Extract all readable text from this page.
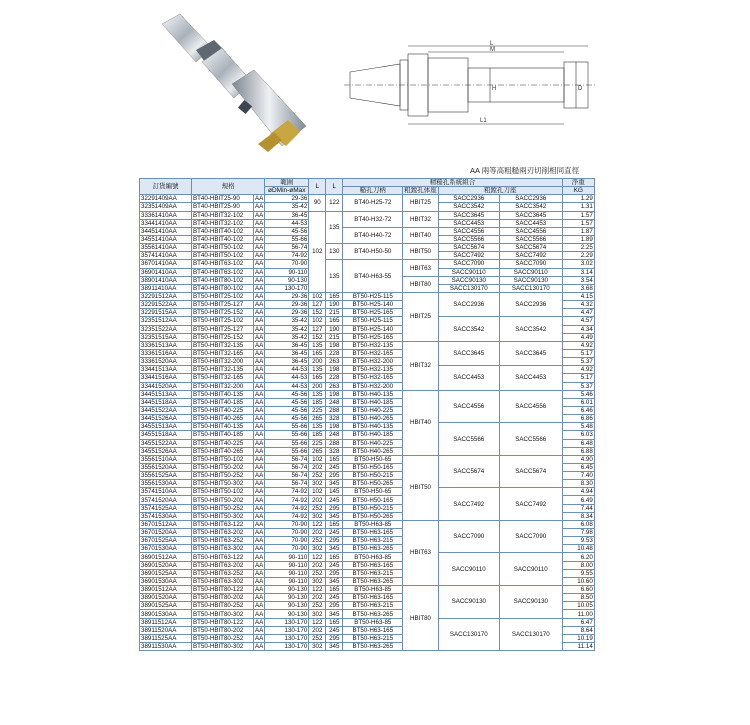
L
M
L1
H	D
AA 兩等高粗糙兩刃切削相同直徑
訂貨編號	規格		範圍	L	L	精糙孔系統組合				淨重
			øDMin-øMax			糙孔刀柄	粗鏜孔体座	粗鏜孔刀座		KG
32291409AA	BT40-HBIT25-90	AA	29-36	90	122	BT40-H25-72	HBIT25	SACC2936	SACC2936	1.29
32351409AA	BT40-HBIT25-90	AA	35-42					SACC3542	SACC3542	1.31
33361410AA	BT40-HBIT32-102	AA	36-45	102	135	BT40-H32-72	HBIT32	SACC3645	SACC3645	1.57
33441410AA	BT40-HBIT32-102	AA	44-53					SACC4453	SACC4453	1.57
34451410AA	BT40-HBIT40-102	AA	45-56			BT40-H40-72	HBIT40	SACC4556	SACC4556	1.87
34551410AA	BT40-HBIT40-102	AA	55-66					SACC5566	SACC5566	1.89
35561410AA	BT40-HBIT50-102	AA	56-74		130	BT40-H50-50	HBIT50	SACC5674	SACC5674	2.25
35741410AA	BT40-HBIT50-102	AA	74-92					SACC7492	SACC7492	2.29
36701410AA	BT40-HBIT63-102	AA	70-90		135	BT40-H63-55	HBIT63	SACC7090	SACC7090	3.02
36901410AA	BT40-HBIT63-102	AA	90-110					SACC90110	SACC90110	3.14
38901410AA	BT40-HBIT80-102	AA	90-130				HBIT80	SACC90130	SACC90130	3.54
38911410AA	BT40-HBIT80-102	AA	130-170					SACC130170	SACC130170	3.68
32291512AA	BT50-HBIT25-102	AA	29-36	102	165	BT50-H25-115	HBIT25	SACC2936	SACC2936	4.15
32291522AA	BT50-HBIT25-127	AA	29-36	127	190	BT50-H25-140				4.32
32291515AA	BT50-HBIT25-152	AA	29-36	152	215	BT50-H25-165				4.47
32351512AA	BT50-HBIT25-102	AA	35-42	102	165	BT50-H25-115		SACC3542	SACC3542	4.57
32351522AA	BT50-HBIT25-127	AA	35-42	127	190	BT50-H25-140				4.34
32351515AA	BT50-HBIT25-152	AA	35-42	152	215	BT50-H25-165				4.49
33361513AA	BT50-HBIT32-135	AA	36-45	135	198	BT50-H32-135	HBIT32	SACC3645	SACC3645	4.92
33361516AA	BT50-HBIT32-165	AA	36-45	165	228	BT50-H32-165				5.17
33361520AA	BT50-HBIT32-200	AA	36-45	200	263	BT50-H32-200				5.37
33441513AA	BT50-HBIT32-135	AA	44-53	135	198	BT50-H32-135		SACC4453	SACC4453	4.92
33441516AA	BT50-HBIT32-165	AA	44-53	165	228	BT50-H32-165				5.17
33441520AA	BT50-HBIT32-200	AA	44-53	200	263	BT50-H32-200				5.37
34451513AA	BT50-HBIT40-135	AA	45-56	135	198	BT50-H40-135	HBIT40	SACC4556	SACC4556	5.46
34451518AA	BT50-HBIT40-185	AA	45-56	185	248	BT50-H40-185				6.01
34451522AA	BT50-HBIT40-225	AA	45-56	225	288	BT50-H40-225				6.46
34451526AA	BT50-HBIT40-265	AA	45-56	265	328	BT50-H40-265				6.86
34551513AA	BT50-HBIT40-135	AA	55-66	135	198	BT50-H40-135		SACC5566	SACC5566	5.48
34551518AA	BT50-HBIT40-185	AA	55-66	185	248	BT50-H40-185				6.03
34551522AA	BT50-HBIT40-225	AA	55-66	225	288	BT50-H40-225				6.48
34551526AA	BT50-HBIT40-265	AA	55-66	265	328	BT50-H40-265				6.88
35561510AA	BT50-HBIT50-102	AA	56-74	102	165	BT50-H50-65	HBIT50	SACC5674	SACC5674	4.90
35561520AA	BT50-HBIT50-202	AA	56-74	202	245	BT50-H50-165				6.45
35561525AA	BT50-HBIT50-252	AA	56-74	252	295	BT50-H50-215				7.40
35561530AA	BT50-HBIT50-302	AA	56-74	302	345	BT50-H50-265				8.30
35741510AA	BT50-HBIT50-102	AA	74-92	102	145	BT50-H50-65		SACC7492	SACC7492	4.94
35741520AA	BT50-HBIT50-202	AA	74-92	202	245	BT50-H50-165				6.49
35741525AA	BT50-HBIT50-252	AA	74-92	252	295	BT50-H50-215				7.44
35741530AA	BT50-HBIT50-302	AA	74-92	302	345	BT50-H50-265				8.34
36701512AA	BT50-HBIT63-122	AA	70-90	122	165	BT50-H63-85	HBIT63	SACC7090	SACC7090	6.08
36701520AA	BT50-HBIT63-202	AA	70-90	202	245	BT50-H63-165				7.98
36701525AA	BT50-HBIT63-252	AA	70-90	252	295	BT50-H63-215				9.53
36701530AA	BT50-HBIT63-302	AA	70-90	302	345	BT50-H63-265				10.48
36901512AA	BT50-HBIT63-122	AA	90-110	122	165	BT50-H63-85		SACC90110	SACC90110	6.20
36901520AA	BT50-HBIT63-202	AA	90-110	202	245	BT50-H63-165				8.00
36901525AA	BT50-HBIT63-252	AA	90-110	252	295	BT50-H63-215				9.55
36901530AA	BT50-HBIT63-302	AA	90-110	302	345	BT50-H63-265				10.60
38901512AA	BT50-HBIT80-122	AA	90-130	122	165	BT50-H63-85	HBIT80	SACC90130	SACC90130	6.60
38901520AA	BT50-HBIT80-202	AA	90-130	202	245	BT50-H63-165				8.50
38901525AA	BT50-HBIT80-252	AA	90-130	252	295	BT50-H63-215				10.05
38901530AA	BT50-HBIT80-302	AA	90-130	302	345	BT50-H63-265				11.00
38911512AA	BT50-HBIT80-122	AA	130-170	122	165	BT50-H63-85		SACC130170	SACC130170	6.47
38911520AA	BT50-HBIT80-202	AA	130-170	202	245	BT50-H63-165				8.64
38911525AA	BT50-HBIT80-252	AA	130-170	252	295	BT50-H63-215				10.19
38911530AA	BT50-HBIT80-302	AA	130-170	302	345	BT50-H63-265				11.14
